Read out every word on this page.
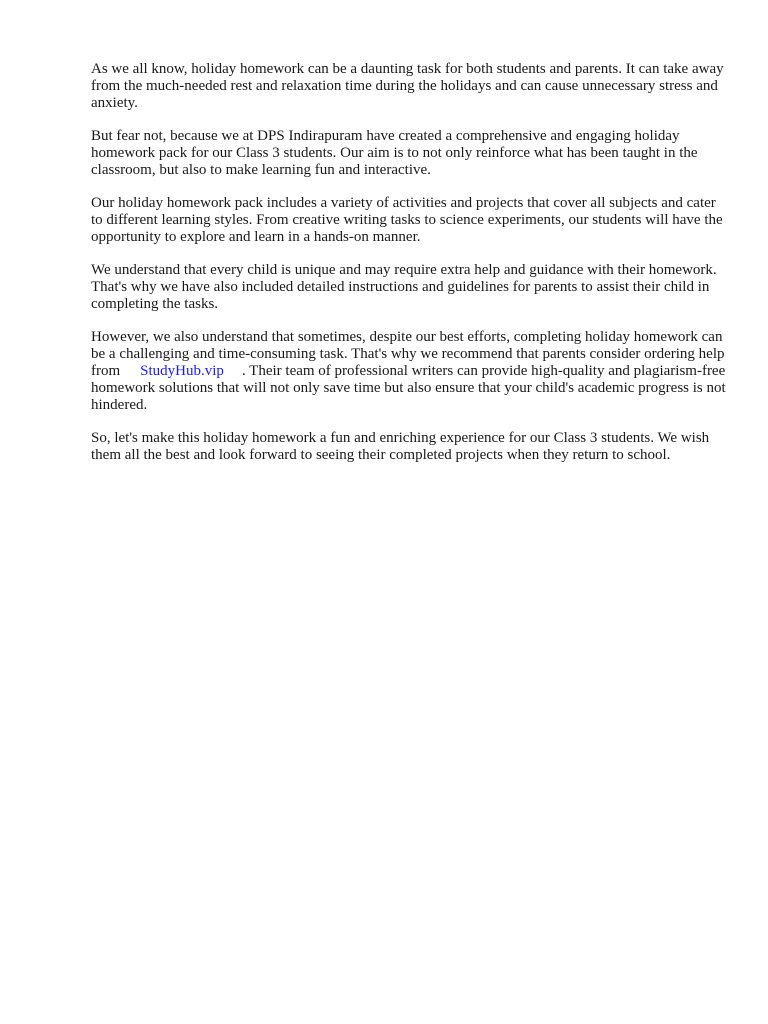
As we all know, holiday homework can be a daunting task for both students and parents. It can take away from the much-needed rest and relaxation time during the holidays and can cause unnecessary stress and anxiety.

But fear not, because we at DPS Indirapuram have created a comprehensive and engaging holiday homework pack for our Class 3 students. Our aim is to not only reinforce what has been taught in the classroom, but also to make learning fun and interactive.

Our holiday homework pack includes a variety of activities and projects that cover all subjects and cater to different learning styles. From creative writing tasks to science experiments, our students will have the opportunity to explore and learn in a hands-on manner.

We understand that every child is unique and may require extra help and guidance with their homework. That's why we have also included detailed instructions and guidelines for parents to assist their child in completing the tasks.

However, we also understand that sometimes, despite our best efforts, completing holiday homework can be a challenging and time-consuming task. That's why we recommend that parents consider ordering help from StudyHub.vip . Their team of professional writers can provide high-quality and plagiarism-free homework solutions that will not only save time but also ensure that your child's academic progress is not hindered.

So, let's make this holiday homework a fun and enriching experience for our Class 3 students. We wish them all the best and look forward to seeing their completed projects when they return to school.
